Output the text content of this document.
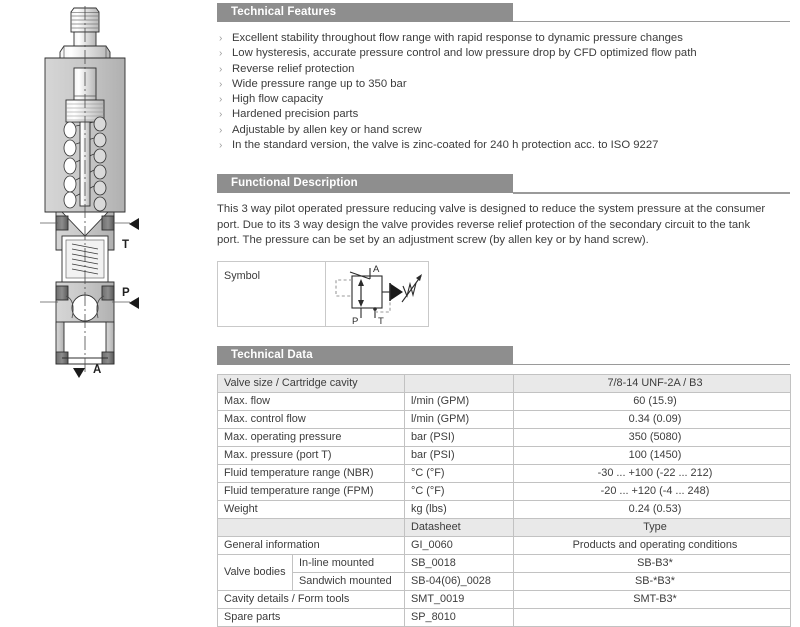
T
P
A
Technical Features
› Excellent stability throughout flow range with rapid response to dynamic pressure changes
› Low hysteresis, accurate pressure control and low pressure drop by CFD optimized flow path
› Reverse relief protection
› Wide pressure range up to 350 bar
› High flow capacity
› Hardened precision parts
› Adjustable by allen key or hand screw
› In the standard version, the valve is zinc-coated for 240 h protection acc. to ISO 9227
Functional Description

This 3 way pilot operated pressure reducing valve is designed to reduce the system pressure at the consumer port. Due to its 3 way design the valve provides reverse relief protection of the secondary circuit to the tank port. The pressure can be set by an adjustment screw (by allen key or by hand screw).

Symbol
A
P T
Technical Data
Valve size / Cartridge cavity			7/8-14 UNF-2A / B3
Max. flow		l/min (GPM)	60 (15.9)
Max. control flow		l/min (GPM)	0.34 (0.09)
Max. operating pressure		bar (PSI)	350 (5080)
Max. pressure (port T)		bar (PSI)	100 (1450)
Fluid temperature range (NBR)		°C (°F)	-30 ... +100 (-22 ... 212)
Fluid temperature range (FPM)		°C (°F)	-20 ... +120 (-4 ... 248)
Weight		kg (lbs)	0.24 (0.53)
		Datasheet	Type
General information		GI_0060	Products and operating conditions
Valve bodies	In-line mounted	SB_0018	SB-B3*
	Sandwich mounted	SB-04(06)_0028	SB-*B3*
Cavity details / Form tools		SMT_0019	SMT-B3*
Spare parts		SP_8010	
